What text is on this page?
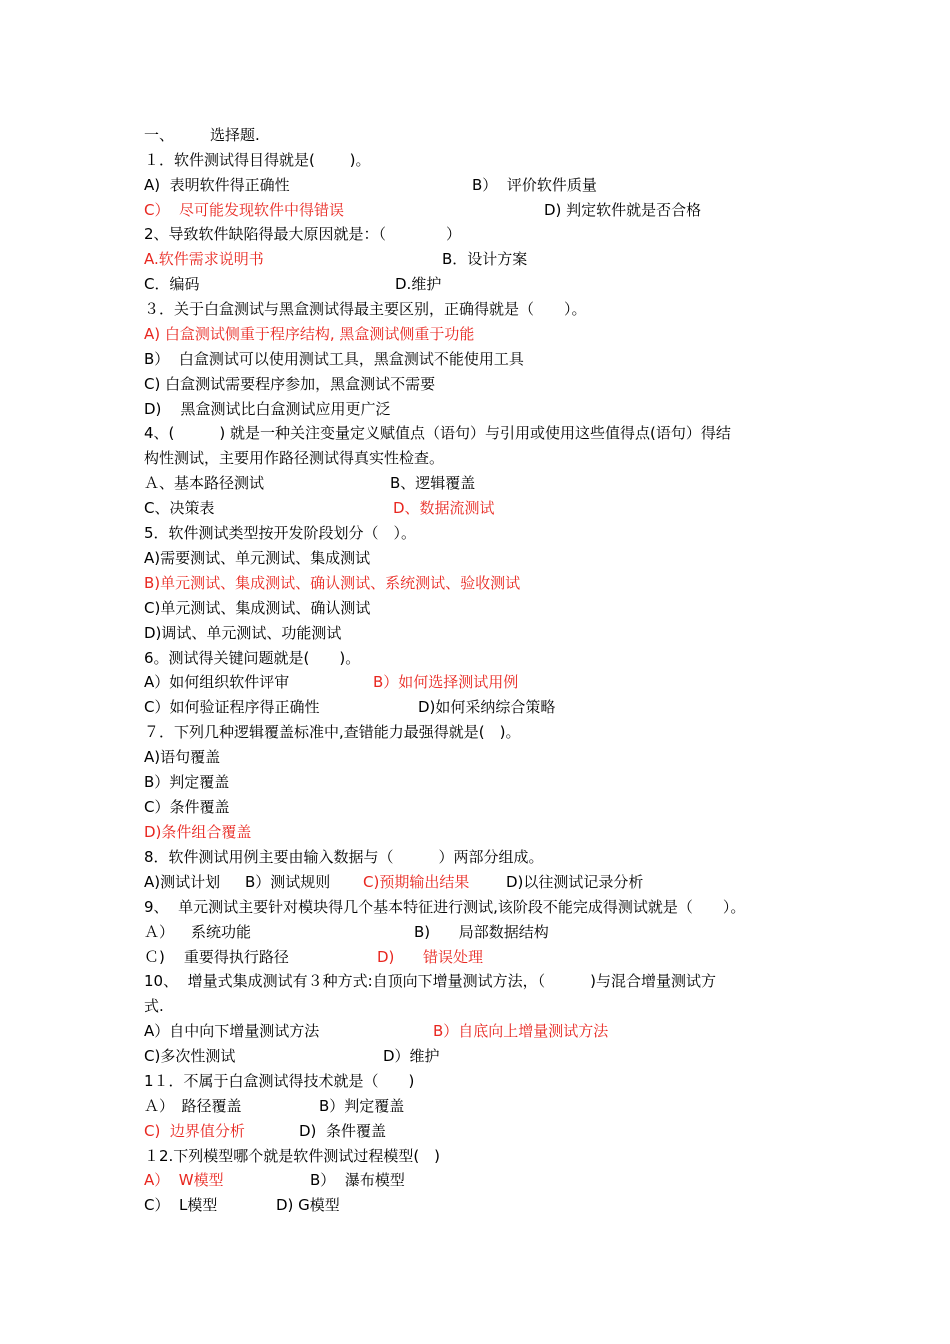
一、

选择题.

１．软件测试得目得就是(　　 )。

A)  表明软件得正确性

	B）  评价软件质量

C）  尽可能发现软件中得错误

	D) 判定软件就是否合格

2、导致软件缺陷得最大原因就是：（　　　　）

A.软件需求说明书

	B．设计方案

C．编码

	D.维护

３．关于白盒测试与黑盒测试得最主要区别，正确得就是（　　）。
A) 白盒测试侧重于程序结构, 黑盒测试侧重于功能
B）  白盒测试可以使用测试工具，黑盒测试不能使用工具
C) 白盒测试需要程序参加，黑盒测试不需要
D)    黑盒测试比白盒测试应用更广泛
4、(　　　) 就是一种关注变量定义赋值点（语句）与引用或使用这些值得点(语句）得结
构性测试，主要用作路径测试得真实性检查。

Ａ、基本路径测试

	B、逻辑覆盖

C、决策表

	D、数据流测试

5．软件测试类型按开发阶段划分（　）。
A)需要测试、单元测试、集成测试
B)单元测试、集成测试、确认测试、系统测试、验收测试
C)单元测试、集成测试、确认测试
D)调试、单元测试、功能测试
6。测试得关键问题就是(　　)。

A）如何组织软件评审

	B）如何选择测试用例

C）如何验证程序得正确性

	D)如何采纳综合策略

７．下列几种逻辑覆盖标准中,查错能力最强得就是(　)。
A)语句覆盖
B）判定覆盖
C）条件覆盖
D)条件组合覆盖
8．软件测试用例主要由输入数据与（　　　）两部分组成。

A)测试计划

B）测试规则

C)预期输出结果

D)以往测试记录分析

9、  单元测试主要针对模块得几个基本特征进行测试,该阶段不能完成得测试就是（　　）。

Ａ）　  系统功能

	B)      局部数据结构

Ｃ)    重要得执行路径

	D)      错误处理

10、  增量式集成测试有３种方式:自顶向下增量测试方法，（　　　)与混合增量测试方
式.

A）自中向下增量测试方法

	B）自底向上增量测试方法

C)多次性测试

	D）维护

1１．不属于白盒测试得技术就是（　　)

Ａ）　路径覆盖

	B）判定覆盖

C)  边界值分析

	D)  条件覆盖

１2.下列模型哪个就是软件测试过程模型(　)

A）  W模型

	B）  瀑布模型

C）  L模型

	D) G模型
